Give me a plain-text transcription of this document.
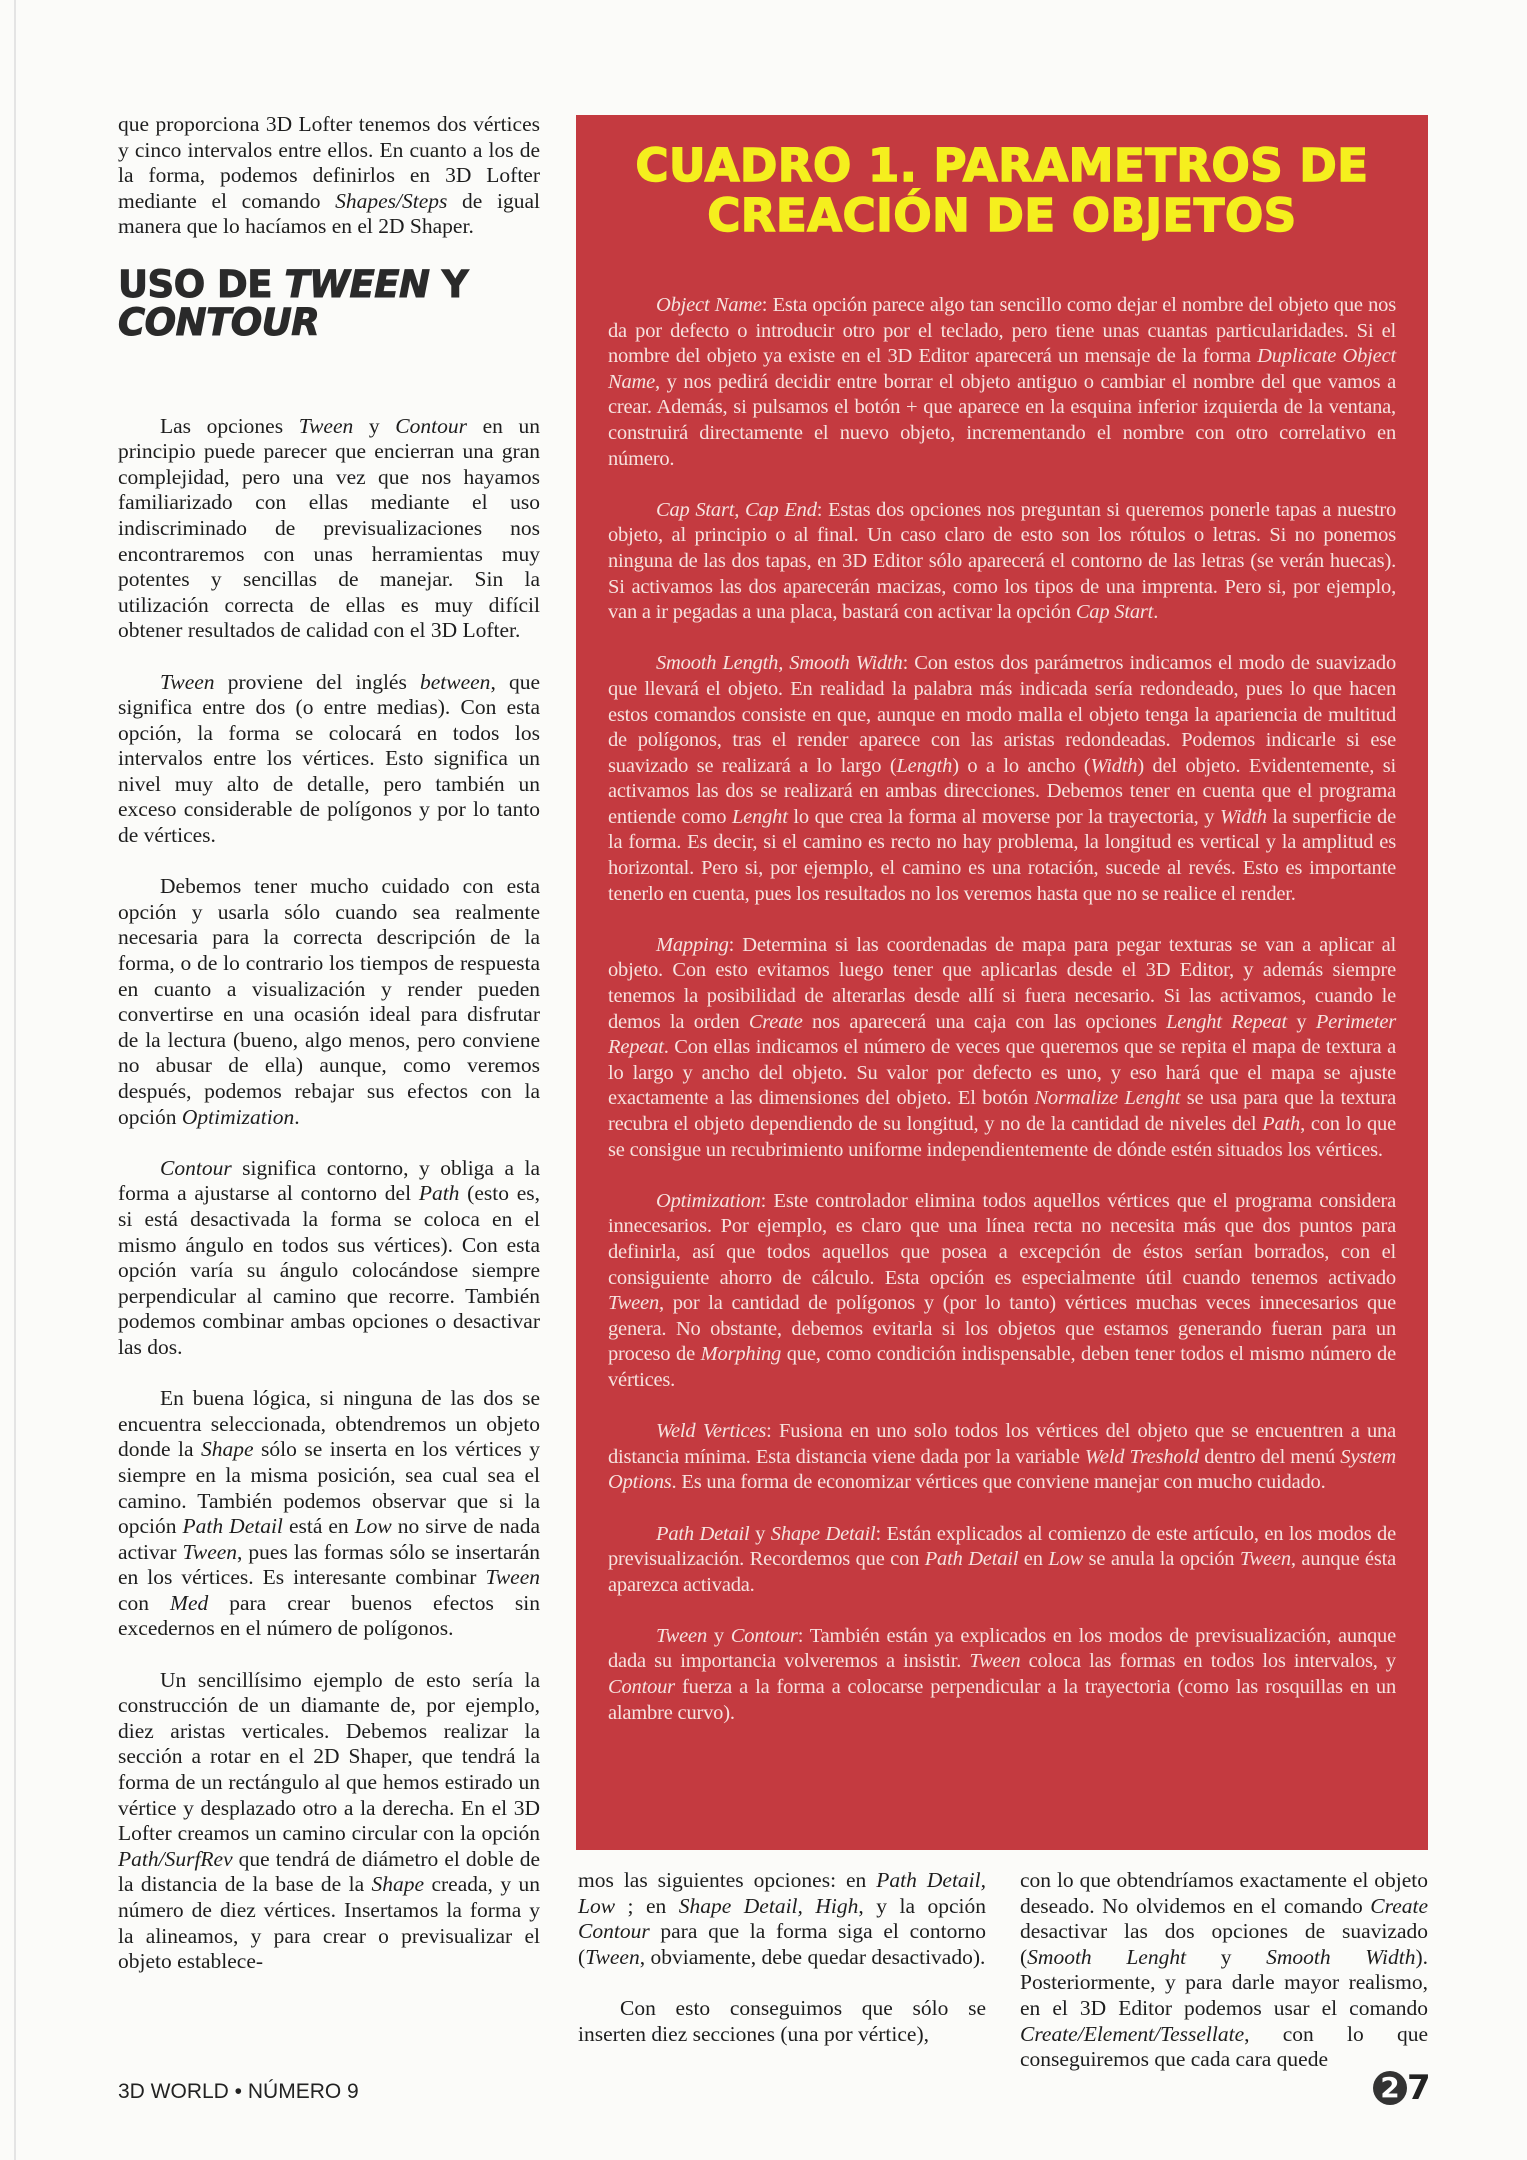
que proporciona 3D Lofter tenemos dos vértices y cinco intervalos entre ellos. En cuanto a los de la forma, podemos definirlos en 3D Lofter mediante el comando Shapes/Steps de igual manera que lo hacíamos en el 2D Shaper.

USO DE TWEEN Y
CONTOUR

Las opciones Tween y Contour en un principio puede parecer que encierran una gran complejidad, pero una vez que nos hayamos familiarizado con ellas mediante el uso indiscriminado de previsualizaciones nos encontraremos con unas herramientas muy potentes y sencillas de manejar. Sin la utilización correcta de ellas es muy difícil obtener resultados de calidad con el 3D Lofter.

Tween proviene del inglés between, que significa entre dos (o entre medias). Con esta opción, la forma se colocará en todos los intervalos entre los vértices. Esto significa un nivel muy alto de detalle, pero también un exceso considerable de polígonos y por lo tanto de vértices.

Debemos tener mucho cuidado con esta opción y usarla sólo cuando sea realmente necesaria para la correcta descripción de la forma, o de lo contrario los tiempos de respuesta en cuanto a visualización y render pueden convertirse en una ocasión ideal para disfrutar de la lectura (bueno, algo menos, pero conviene no abusar de ella) aunque, como veremos después, podemos rebajar sus efectos con la opción Optimization.

Contour significa contorno, y obliga a la forma a ajustarse al contorno del Path (esto es, si está desactivada la forma se coloca en el mismo ángulo en todos sus vértices). Con esta opción varía su ángulo colocándose siempre perpendicular al camino que recorre. También podemos combinar ambas opciones o desactivar las dos.

En buena lógica, si ninguna de las dos se encuentra seleccionada, obtendremos un objeto donde la Shape sólo se inserta en los vértices y siempre en la misma posición, sea cual sea el camino. También podemos observar que si la opción Path Detail está en Low no sirve de nada activar Tween, pues las formas sólo se insertarán en los vértices. Es interesante combinar Tween con Med para crear buenos efectos sin excedernos en el número de polígonos.

Un sencillísimo ejemplo de esto sería la construcción de un diamante de, por ejemplo, diez aristas verticales. Debemos realizar la sección a rotar en el 2D Shaper, que tendrá la forma de un rectángulo al que hemos estirado un vértice y desplazado otro a la derecha. En el 3D Lofter creamos un camino circular con la opción Path/SurfRev que tendrá de diámetro el doble de la distancia de la base de la Shape creada, y un número de diez vértices. Insertamos la forma y la alineamos, y para crear o previsualizar el objeto establece-

CUADRO 1. PARAMETROS DE CREACIÓN DE OBJETOS

Object Name: Esta opción parece algo tan sencillo como dejar el nombre del objeto que nos da por defecto o introducir otro por el teclado, pero tiene unas cuantas particularidades. Si el nombre del objeto ya existe en el 3D Editor aparecerá un mensaje de la forma Duplicate Object Name, y nos pedirá decidir entre borrar el objeto antiguo o cambiar el nombre del que vamos a crear. Además, si pulsamos el botón + que aparece en la esquina inferior izquierda de la ventana, construirá directamente el nuevo objeto, incrementando el nombre con otro correlativo en número.

Cap Start, Cap End: Estas dos opciones nos preguntan si queremos ponerle tapas a nuestro objeto, al principio o al final. Un caso claro de esto son los rótulos o letras. Si no ponemos ninguna de las dos tapas, en 3D Editor sólo aparecerá el contorno de las letras (se verán huecas). Si activamos las dos aparecerán macizas, como los tipos de una imprenta. Pero si, por ejemplo, van a ir pegadas a una placa, bastará con activar la opción Cap Start.

Smooth Length, Smooth Width: Con estos dos parámetros indicamos el modo de suavizado que llevará el objeto. En realidad la palabra más indicada sería redondeado, pues lo que hacen estos comandos consiste en que, aunque en modo malla el objeto tenga la apariencia de multitud de polígonos, tras el render aparece con las aristas redondeadas. Podemos indicarle si ese suavizado se realizará a lo largo (Length) o a lo ancho (Width) del objeto. Evidentemente, si activamos las dos se realizará en ambas direcciones. Debemos tener en cuenta que el programa entiende como Lenght lo que crea la forma al moverse por la trayectoria, y Width la superficie de la forma. Es decir, si el camino es recto no hay problema, la longitud es vertical y la amplitud es horizontal. Pero si, por ejemplo, el camino es una rotación, sucede al revés. Esto es importante tenerlo en cuenta, pues los resultados no los veremos hasta que no se realice el render.

Mapping: Determina si las coordenadas de mapa para pegar texturas se van a aplicar al objeto. Con esto evitamos luego tener que aplicarlas desde el 3D Editor, y además siempre tenemos la posibilidad de alterarlas desde allí si fuera necesario. Si las activamos, cuando le demos la orden Create nos aparecerá una caja con las opciones Lenght Repeat y Perimeter Repeat. Con ellas indicamos el número de veces que queremos que se repita el mapa de textura a lo largo y ancho del objeto. Su valor por defecto es uno, y eso hará que el mapa se ajuste exactamente a las dimensiones del objeto. El botón Normalize Lenght se usa para que la textura recubra el objeto dependiendo de su longitud, y no de la cantidad de niveles del Path, con lo que se consigue un recubrimiento uniforme independientemente de dónde estén situados los vértices.

Optimization: Este controlador elimina todos aquellos vértices que el programa considera innecesarios. Por ejemplo, es claro que una línea recta no necesita más que dos puntos para definirla, así que todos aquellos que posea a excepción de éstos serían borrados, con el consiguiente ahorro de cálculo. Esta opción es especialmente útil cuando tenemos activado Tween, por la cantidad de polígonos y (por lo tanto) vértices muchas veces innecesarios que genera. No obstante, debemos evitarla si los objetos que estamos generando fueran para un proceso de Morphing que, como condición indispensable, deben tener todos el mismo número de vértices.

Weld Vertices: Fusiona en uno solo todos los vértices del objeto que se encuentren a una distancia mínima. Esta distancia viene dada por la variable Weld Treshold dentro del menú System Options. Es una forma de economizar vértices que conviene manejar con mucho cuidado.

Path Detail y Shape Detail: Están explicados al comienzo de este artículo, en los modos de previsualización. Recordemos que con Path Detail en Low se anula la opción Tween, aunque ésta aparezca activada.

Tween y Contour: También están ya explicados en los modos de previsualización, aunque dada su importancia volveremos a insistir. Tween coloca las formas en todos los intervalos, y Contour fuerza a la forma a colocarse perpendicular a la trayectoria (como las rosquillas en un alambre curvo).

mos las siguientes opciones: en Path Detail, Low ; en Shape Detail, High, y la opción Contour para que la forma siga el contorno (Tween, obviamente, debe quedar desactivado).

Con esto conseguimos que sólo se inserten diez secciones (una por vértice),

con lo que obtendríamos exactamente el objeto deseado. No olvidemos en el comando Create desactivar las dos opciones de suavizado (Smooth Lenght y Smooth Width). Posteriormente, y para darle mayor realismo, en el 3D Editor podemos usar el comando Create/Element/Tessellate, con lo que conseguiremos que cada cara quede

3D WORLD • NÚMERO 9	2 7
